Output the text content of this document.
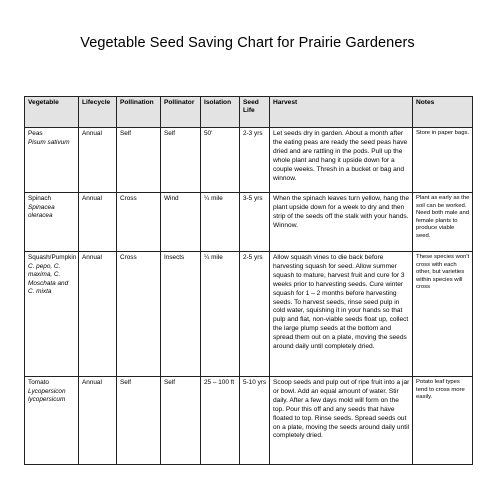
Vegetable Seed Saving Chart for Prairie Gardeners
Vegetable	Lifecycle	Pollination	Pollinator	Isolation	Seed Life	Harvest	Notes

Peas
Pisum sativum	Annual	Self	Self	50'	2-3 yrs	Let seeds dry in garden. About a month after the eating peas are ready the seed peas have dried and are rattling in the pods. Pull up the whole plant and hang it upside down for a couple weeks. Thresh in a bucket or bag and winnow.	Store in paper bags.

Spinach
Spinacea oleracea	Annual	Cross	Wind	¼ mile	3-5 yrs	When the spinach leaves turn yellow, hang the plant upside down for a week to dry and then strip of the seeds off the stalk with your hands. Winnow.	Plant as early as the soil can be worked. Need both male and female plants to produce viable seed.

Squash/Pumpkin
C. pepo, C. maxima, C. Moschata and C. mixta	Annual	Cross	Insects	¼ mile	2-5 yrs	Allow squash vines to die back before harvesting squash for seed. Allow summer squash to mature, harvest fruit and cure for 3 weeks prior to harvesting seeds. Cure winter squash for 1 – 2 months before harvesting seeds. To harvest seeds, rinse seed pulp in cold water, squishing it in your hands so that pulp and flat, non-viable seeds float up, collect the large plump seeds at the bottom and spread them out on a plate, moving the seeds around daily until completely dried.	These species won't cross with each other, but varieties within species will cross

Tomato
Lycopersicon lycopersicum	Annual	Self	Self	25 – 100 ft	5-10 yrs	Scoop seeds and pulp out of ripe fruit into a jar or bowl. Add an equal amount of water. Stir daily. After a few days mold will form on the top. Pour this off and any seeds that have floated to top. Rinse seeds. Spread seeds out on a plate, moving the seeds around daily until completely dried.	Potato leaf types tend to cross more easily.
